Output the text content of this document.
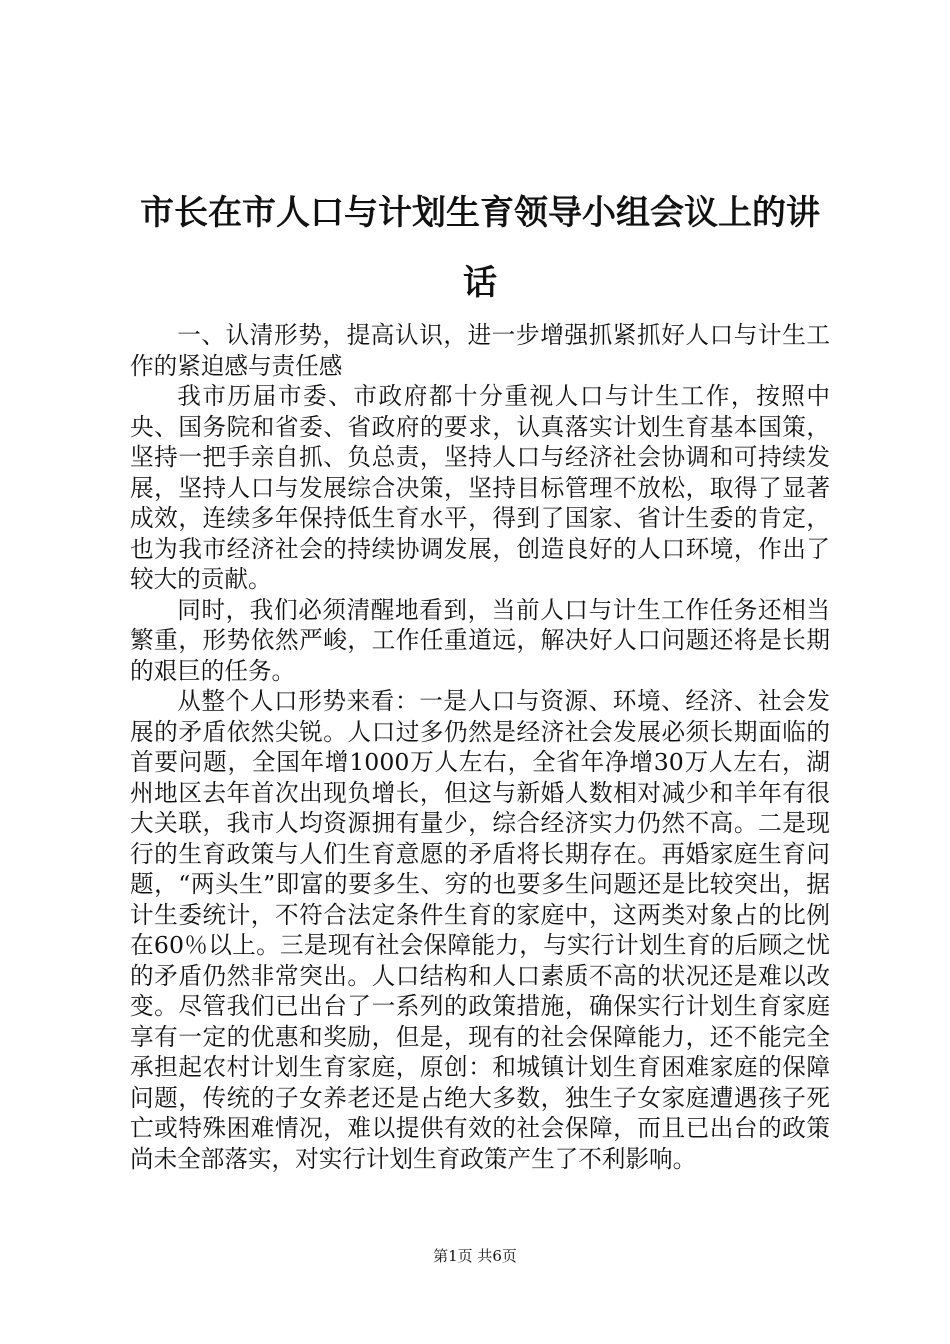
市长在市人口与计划生育领导小组会议上的讲话

一、认清形势，提高认识，进一步增强抓紧抓好人口与计生工作的紧迫感与责任感

我市历届市委、市政府都十分重视人口与计生工作，按照中央、国务院和省委、省政府的要求，认真落实计划生育基本国策，坚持一把手亲自抓、负总责，坚持人口与经济社会协调和可持续发展，坚持人口与发展综合决策，坚持目标管理不放松，取得了显著成效，连续多年保持低生育水平，得到了国家、省计生委的肯定，也为我市经济社会的持续协调发展，创造良好的人口环境，作出了较大的贡献。

同时，我们必须清醒地看到，当前人口与计生工作任务还相当繁重，形势依然严峻，工作任重道远，解决好人口问题还将是长期的艰巨的任务。

从整个人口形势来看：一是人口与资源、环境、经济、社会发展的矛盾依然尖锐。人口过多仍然是经济社会发展必须长期面临的首要问题，全国年增1000万人左右，全省年净增30万人左右，湖州地区去年首次出现负增长，但这与新婚人数相对减少和羊年有很大关联，我市人均资源拥有量少，综合经济实力仍然不高。二是现行的生育政策与人们生育意愿的矛盾将长期存在。再婚家庭生育问题，“两头生”即富的要多生、穷的也要多生问题还是比较突出，据计生委统计，不符合法定条件生育的家庭中，这两类对象占的比例在60％以上。三是现有社会保障能力，与实行计划生育的后顾之忧的矛盾仍然非常突出。人口结构和人口素质不高的状况还是难以改变。尽管我们已出台了一系列的政策措施，确保实行计划生育家庭享有一定的优惠和奖励，但是，现有的社会保障能力，还不能完全承担起农村计划生育家庭，原创：和城镇计划生育困难家庭的保障问题，传统的子女养老还是占绝大多数，独生子女家庭遭遇孩子死亡或特殊困难情况，难以提供有效的社会保障，而且已出台的政策尚未全部落实，对实行计划生育政策产生了不利影响。

第1页 共6页
